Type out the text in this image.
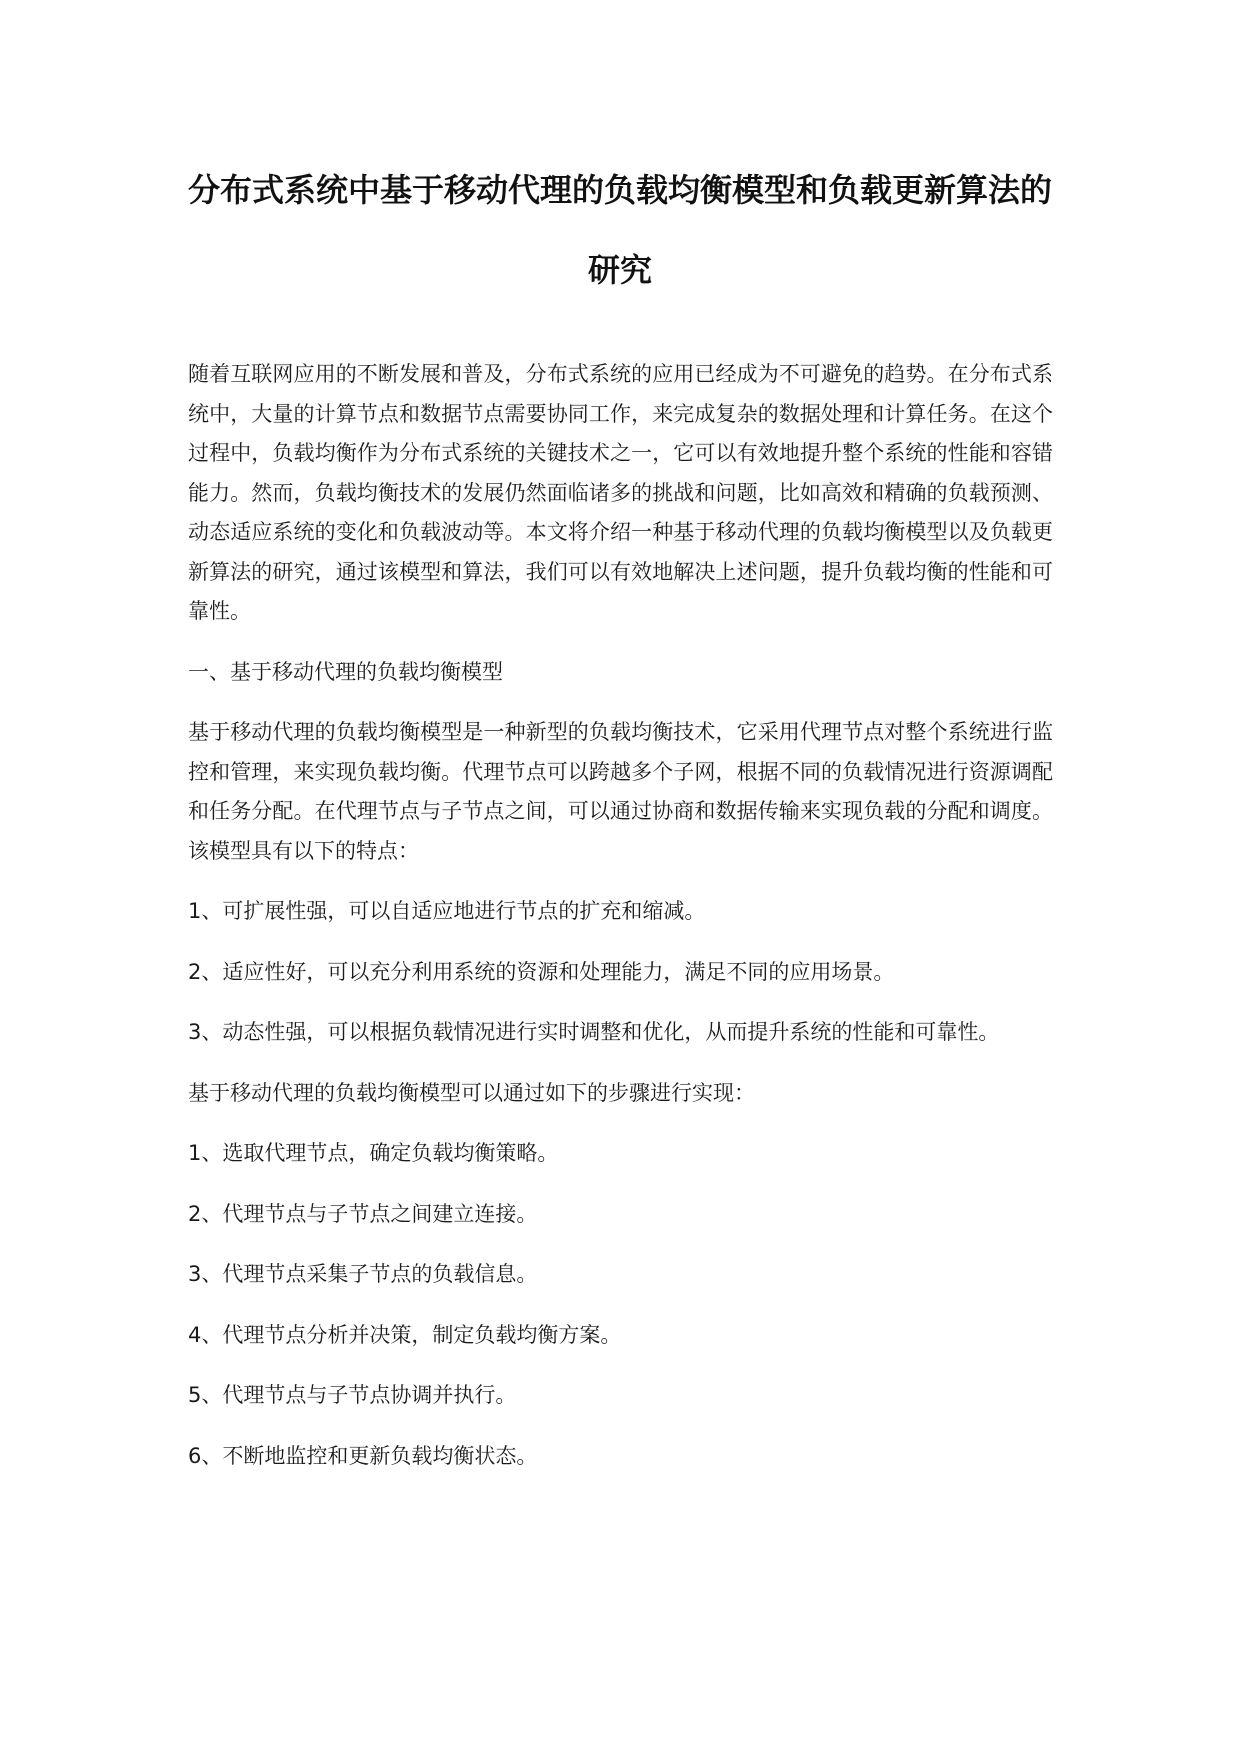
分布式系统中基于移动代理的负载均衡模型和负载更新算法的研究

随着互联网应用的不断发展和普及，分布式系统的应用已经成为不可避免的趋势。在分布式系统中，大量的计算节点和数据节点需要协同工作，来完成复杂的数据处理和计算任务。在这个过程中，负载均衡作为分布式系统的关键技术之一，它可以有效地提升整个系统的性能和容错能力。然而，负载均衡技术的发展仍然面临诸多的挑战和问题，比如高效和精确的负载预测、动态适应系统的变化和负载波动等。本文将介绍一种基于移动代理的负载均衡模型以及负载更新算法的研究，通过该模型和算法，我们可以有效地解决上述问题，提升负载均衡的性能和可靠性。

一、基于移动代理的负载均衡模型

基于移动代理的负载均衡模型是一种新型的负载均衡技术，它采用代理节点对整个系统进行监控和管理，来实现负载均衡。代理节点可以跨越多个子网，根据不同的负载情况进行资源调配和任务分配。在代理节点与子节点之间，可以通过协商和数据传输来实现负载的分配和调度。该模型具有以下的特点：

1、可扩展性强，可以自适应地进行节点的扩充和缩减。

2、适应性好，可以充分利用系统的资源和处理能力，满足不同的应用场景。

3、动态性强，可以根据负载情况进行实时调整和优化，从而提升系统的性能和可靠性。

基于移动代理的负载均衡模型可以通过如下的步骤进行实现：

1、选取代理节点，确定负载均衡策略。

2、代理节点与子节点之间建立连接。

3、代理节点采集子节点的负载信息。

4、代理节点分析并决策，制定负载均衡方案。

5、代理节点与子节点协调并执行。

6、不断地监控和更新负载均衡状态。
